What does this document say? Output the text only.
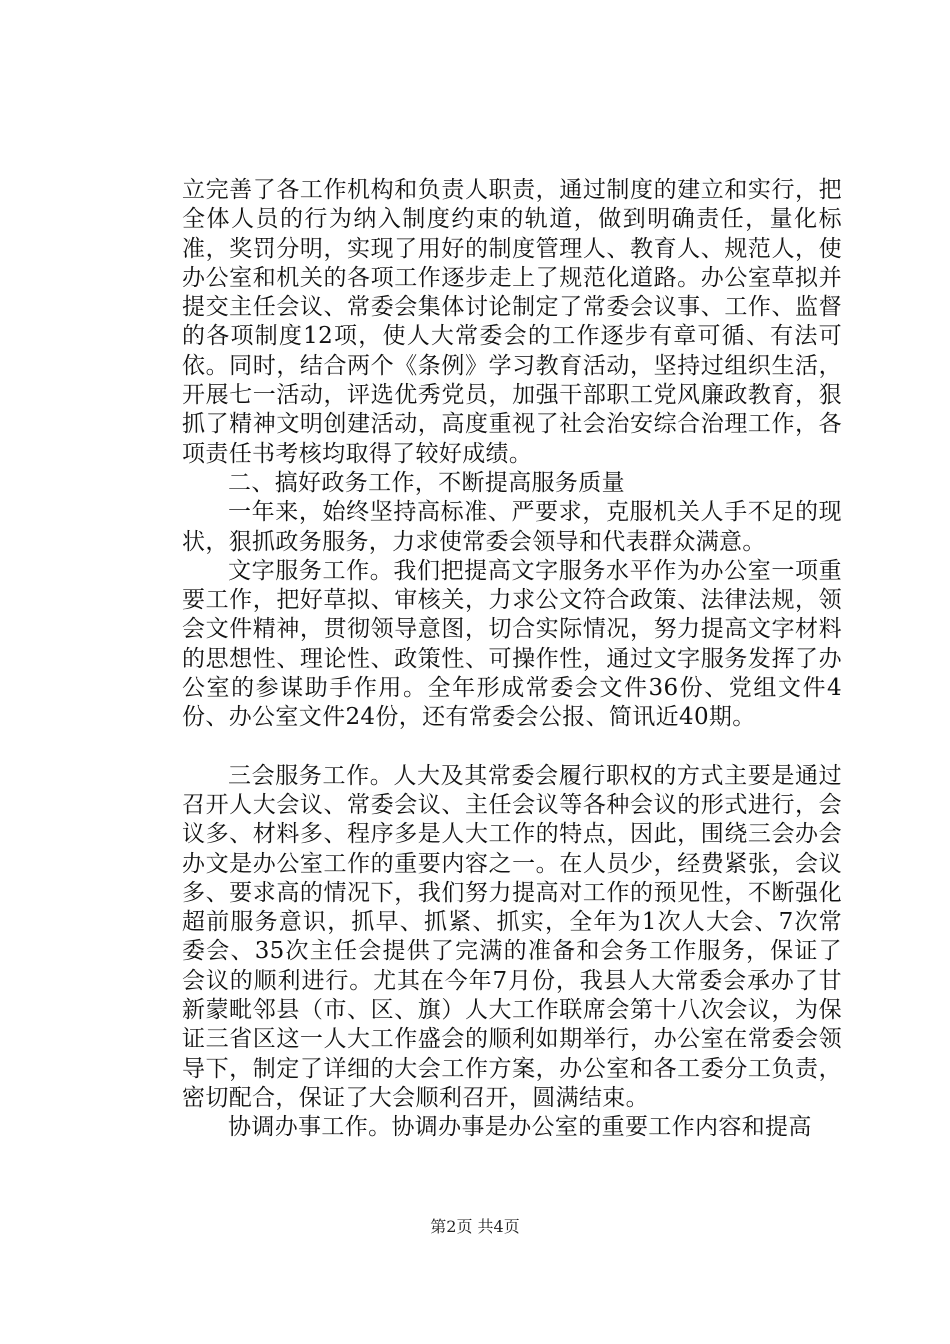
立完善了各工作机构和负责人职责，通过制度的建立和实行，把全体人员的行为纳入制度约束的轨道，做到明确责任，量化标准，奖罚分明，实现了用好的制度管理人、教育人、规范人，使办公室和机关的各项工作逐步走上了规范化道路。办公室草拟并提交主任会议、常委会集体讨论制定了常委会议事、工作、监督的各项制度12项，使人大常委会的工作逐步有章可循、有法可依。同时，结合两个《条例》学习教育活动，坚持过组织生活，开展七一活动，评选优秀党员，加强干部职工党风廉政教育，狠抓了精神文明创建活动，高度重视了社会治安综合治理工作，各项责任书考核均取得了较好成绩。

二、搞好政务工作，不断提高服务质量

一年来，始终坚持高标准、严要求，克服机关人手不足的现状，狠抓政务服务，力求使常委会领导和代表群众满意。

文字服务工作。我们把提高文字服务水平作为办公室一项重要工作，把好草拟、审核关，力求公文符合政策、法律法规，领会文件精神，贯彻领导意图，切合实际情况，努力提高文字材料的思想性、理论性、政策性、可操作性，通过文字服务发挥了办公室的参谋助手作用。全年形成常委会文件36份、党组文件4份、办公室文件24份，还有常委会公报、简讯近40期。

三会服务工作。人大及其常委会履行职权的方式主要是通过召开人大会议、常委会议、主任会议等各种会议的形式进行，会议多、材料多、程序多是人大工作的特点，因此，围绕三会办会办文是办公室工作的重要内容之一。在人员少，经费紧张，会议多、要求高的情况下，我们努力提高对工作的预见性，不断强化超前服务意识，抓早、抓紧、抓实，全年为1次人大会、7次常委会、35次主任会提供了完满的准备和会务工作服务，保证了会议的顺利进行。尤其在今年7月份，我县人大常委会承办了甘新蒙毗邻县（市、区、旗）人大工作联席会第十八次会议，为保证三省区这一人大工作盛会的顺利如期举行，办公室在常委会领导下，制定了详细的大会工作方案，办公室和各工委分工负责，密切配合，保证了大会顺利召开，圆满结束。

协调办事工作。协调办事是办公室的重要工作内容和提高

第2页 共4页
